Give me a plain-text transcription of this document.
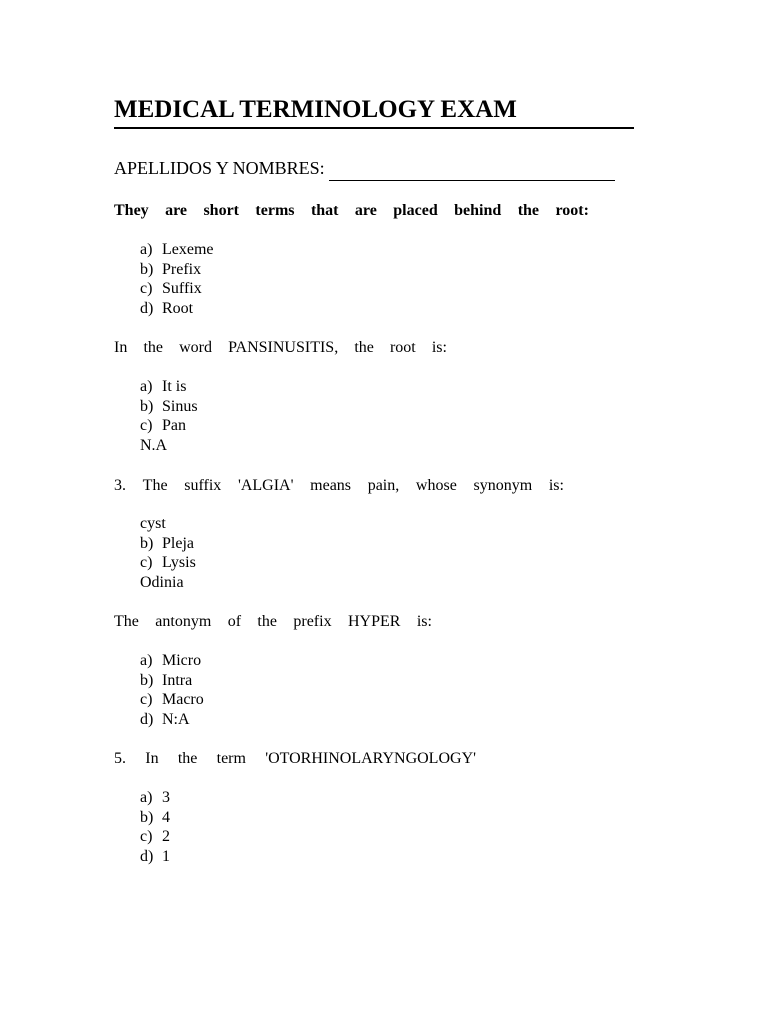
MEDICAL TERMINOLOGY EXAM
APELLIDOS Y NOMBRES:
They are short terms that are placed behind the root:
a) Lexeme
b) Prefix
c) Suffix
d) Root
In the word PANSINUSITIS, the root is:
a) It is
b) Sinus
c) Pan
N.A
3. The suffix 'ALGIA' means pain, whose synonym is:
cyst
b) Pleja
c) Lysis
Odinia
The antonym of the prefix HYPER is:
a) Micro
b) Intra
c) Macro
d) N:A
5. In the term 'OTORHINOLARYNGOLOGY'
a) 3
b) 4
c) 2
d) 1
